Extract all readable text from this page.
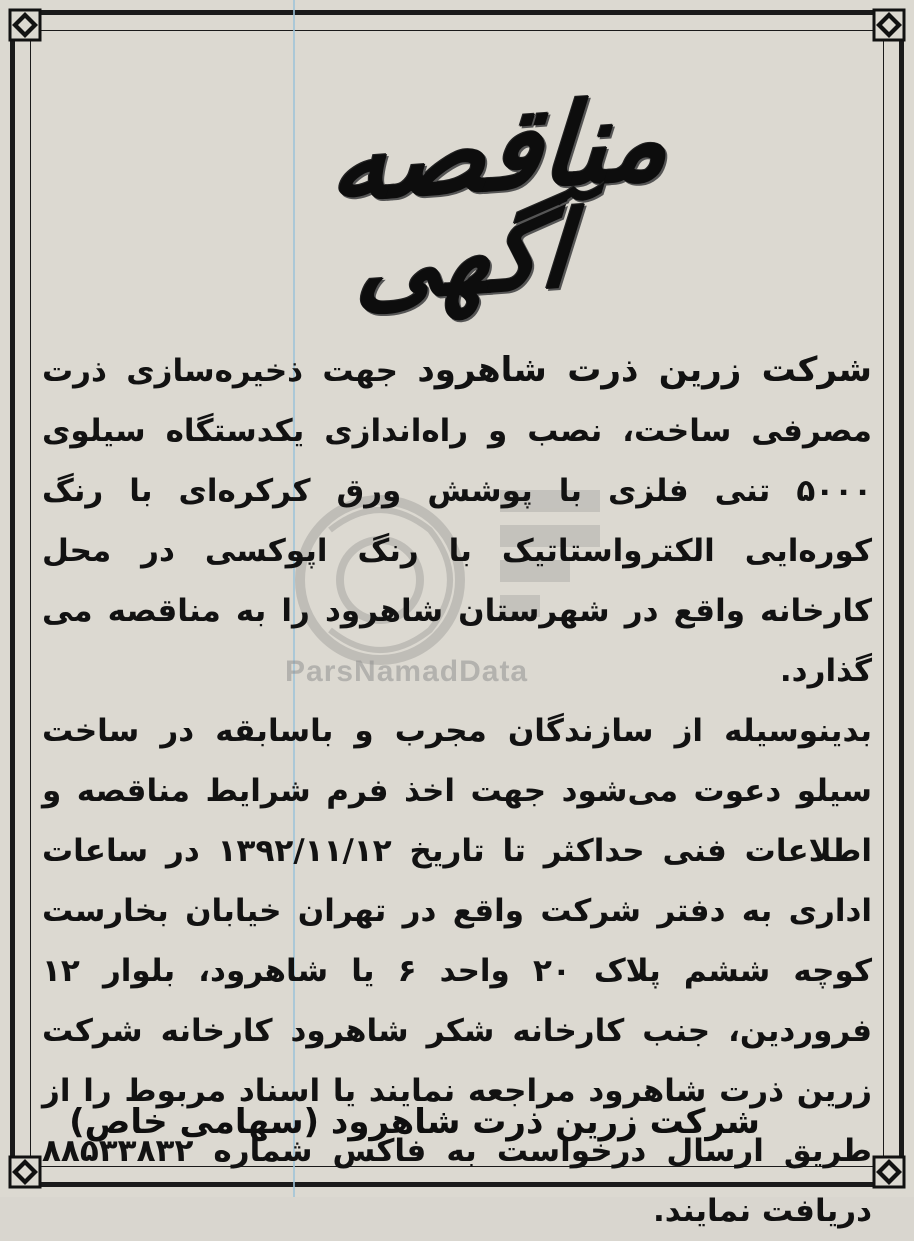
مناقصه
آگهی
ParsNamadData

شرکت زرین ذرت شاهرود جهت ذخیره‌سازی ذرت مصرفی ساخت، نصب و راه‌اندازی یکدستگاه سیلوی ۵۰۰۰ تنی فلزی با پوشش ورق کرکره‌ای با رنگ کوره‌ایی الکترواستاتیک با رنگ اپوکسی در محل کارخانه واقع در شهرستان شاهرود را به مناقصه می گذارد.

بدینوسیله از سازندگان مجرب و باسابقه در ساخت سیلو دعوت می‌شود جهت اخذ فرم شرایط مناقصه و اطلاعات فنی حداکثر تا تاریخ ۱۳۹۲/۱۱/۱۲ در ساعات اداری به دفتر شرکت واقع در تهران خیابان بخارست کوچه ششم پلاک ۲۰ واحد ۶ یا شاهرود، بلوار ۱۲ فروردین، جنب کارخانه شکر شاهرود کارخانه شرکت زرین ذرت شاهرود مراجعه نمایند یا اسناد مربوط را از طریق ارسال درخواست به فاکس شماره ۸۸۵۳۳۸۳۲ دریافت نمایند.

شرکت زرین ذرت شاهرود (سهامی خاص)
